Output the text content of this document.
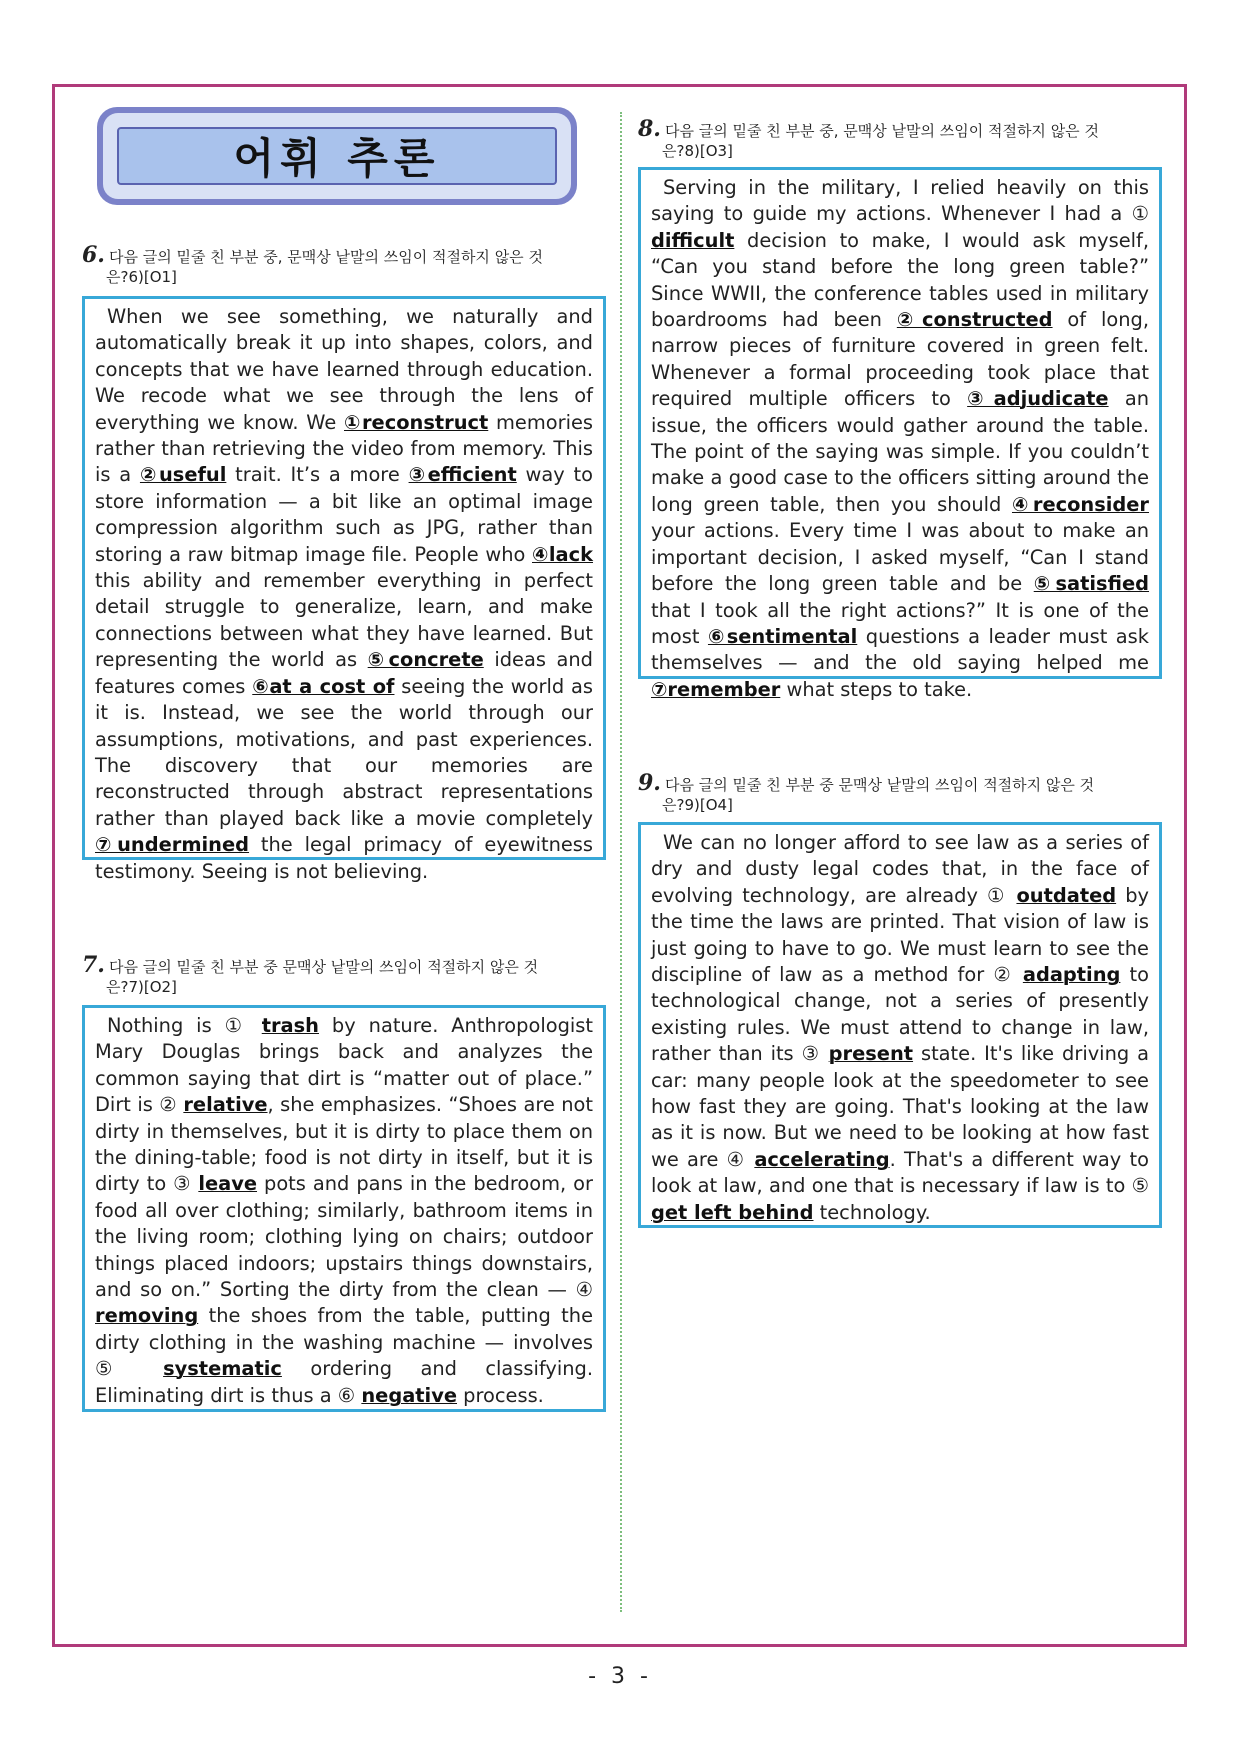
어휘 추론
6. 다음 글의 밑줄 친 부분 중, 문맥상 낱말의 쓰임이 적절하지 않은 것
은?6)[O1]
When we see something, we naturally and automatically break it up into shapes, colors, and concepts that we have learned through education. We recode what we see through the lens of everything we know. We ①reconstruct memories rather than retrieving the video from memory. This is a ②useful trait. It’s a more ③efficient way to store information — a bit like an optimal image compression algorithm such as JPG, rather than storing a raw bitmap image file. People who ④lack this ability and remember everything in perfect detail struggle to generalize, learn, and make connections between what they have learned. But representing the world as ⑤concrete ideas and features comes ⑥at a cost of seeing the world as it is. Instead, we see the world through our assumptions, motivations, and past experiences. The discovery that our memories are reconstructed through abstract representations rather than played back like a movie completely ⑦undermined the legal primacy of eyewitness testimony. Seeing is not believing.
7. 다음 글의 밑줄 친 부분 중 문맥상 낱말의 쓰임이 적절하지 않은 것
은?7)[O2]
Nothing is ① trash by nature. Anthropologist Mary Douglas brings back and analyzes the common saying that dirt is “matter out of place.” Dirt is ② relative, she emphasizes. “Shoes are not dirty in themselves, but it is dirty to place them on the dining-table; food is not dirty in itself, but it is dirty to ③ leave pots and pans in the bedroom, or food all over clothing; similarly, bathroom items in the living room; clothing lying on chairs; outdoor things placed indoors; upstairs things downstairs, and so on.” Sorting the dirty from the clean — ④ removing the shoes from the table, putting the dirty clothing in the washing machine — involves ⑤ systematic ordering and classifying. Eliminating dirt is thus a ⑥ negative process.
8. 다음 글의 밑줄 친 부분 중, 문맥상 낱말의 쓰임이 적절하지 않은 것
은?8)[O3]
Serving in the military, I relied heavily on this saying to guide my actions. Whenever I had a ① difficult decision to make, I would ask myself, “Can you stand before the long green table?” Since WWII, the conference tables used in military boardrooms had been ②constructed of long, narrow pieces of furniture covered in green felt. Whenever a formal proceeding took place that required multiple officers to ③adjudicate an issue, the officers would gather around the table. The point of the saying was simple. If you couldn’t make a good case to the officers sitting around the long green table, then you should ④reconsider your actions. Every time I was about to make an important decision, I asked myself, “Can I stand before the long green table and be ⑤satisfied that I took all the right actions?” It is one of the most ⑥sentimental questions a leader must ask themselves — and the old saying helped me ⑦remember what steps to take.
9. 다음 글의 밑줄 친 부분 중 문맥상 낱말의 쓰임이 적절하지 않은 것
은?9)[O4]
We can no longer afford to see law as a series of dry and dusty legal codes that, in the face of evolving technology, are already ① outdated by the time the laws are printed. That vision of law is just going to have to go. We must learn to see the discipline of law as a method for ② adapting to technological change, not a series of presently existing rules. We must attend to change in law, rather than its ③ present state. It's like driving a car: many people look at the speedometer to see how fast they are going. That's looking at the law as it is now. But we need to be looking at how fast we are ④ accelerating. That's a different way to look at law, and one that is necessary if law is to ⑤ get left behind technology.
- 3 -
